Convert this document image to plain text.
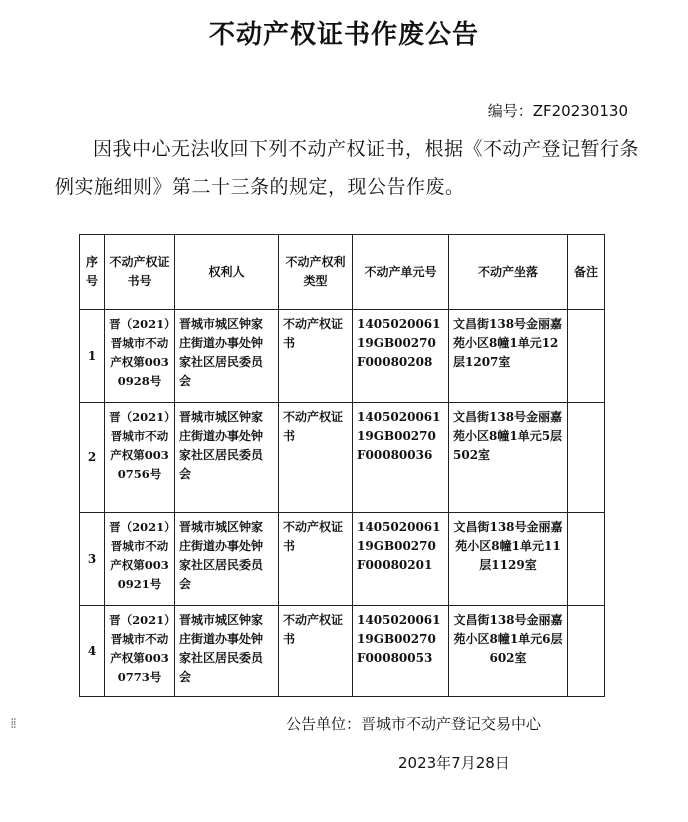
不动产权证书作废公告
编号：ZF20230130
因我中心无法收回下列不动产权证书，根据《不动产登记暂行条例实施细则》第二十三条的规定，现公告作废。
序号	不动产权证书号	权利人	不动产权利类型	不动产单元号	不动产坐落	备注
1	晋（2021）晋城市不动产权第0030928号	晋城市城区钟家庄街道办事处钟家社区居民委员会	不动产权证书	140502006119GB00270F00080208	文昌街138号金丽嘉苑小区8幢1单元12层1207室	
2	晋（2021）晋城市不动产权第0030756号	晋城市城区钟家庄街道办事处钟家社区居民委员会	不动产权证书	140502006119GB00270F00080036	文昌街138号金丽嘉苑小区8幢1单元5层502室	
3	晋（2021）晋城市不动产权第0030921号	晋城市城区钟家庄街道办事处钟家社区居民委员会	不动产权证书	140502006119GB00270F00080201	文昌街138号金丽嘉苑小区8幢1单元11层1129室	
4	晋（2021）晋城市不动产权第0030773号	晋城市城区钟家庄街道办事处钟家社区居民委员会	不动产权证书	140502006119GB00270F00080053	文昌街138号金丽嘉苑小区8幢1单元6层602室	
⁞⁞	公告单位：晋城市不动产登记交易中心
2023年7月28日
